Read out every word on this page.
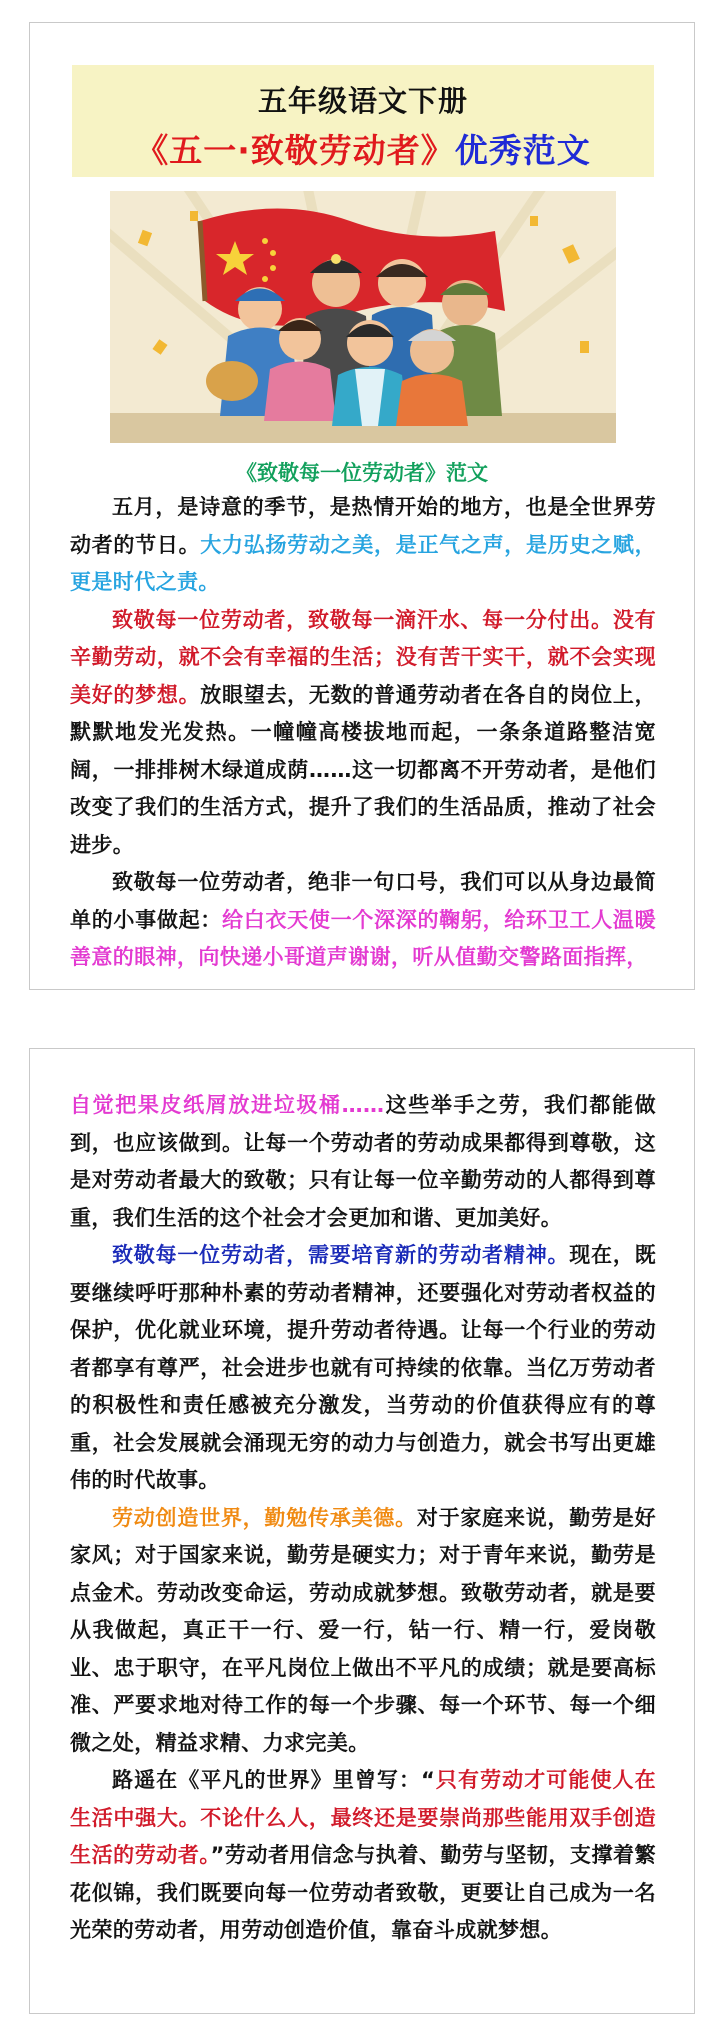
五年级语文下册
《五一·致敬劳动者》优秀范文
《致敬每一位劳动者》范文

五月，是诗意的季节，是热情开始的地方，也是全世界劳动者的节日。大力弘扬劳动之美，是正气之声，是历史之赋，更是时代之责。

致敬每一位劳动者，致敬每一滴汗水、每一分付出。没有辛勤劳动，就不会有幸福的生活；没有苦干实干，就不会实现美好的梦想。放眼望去，无数的普通劳动者在各自的岗位上，默默地发光发热。一幢幢高楼拔地而起，一条条道路整洁宽阔，一排排树木绿道成荫……这一切都离不开劳动者，是他们改变了我们的生活方式，提升了我们的生活品质，推动了社会进步。

致敬每一位劳动者，绝非一句口号，我们可以从身边最简单的小事做起：给白衣天使一个深深的鞠躬，给环卫工人温暖善意的眼神，向快递小哥道声谢谢，听从值勤交警路面指挥，

自觉把果皮纸屑放进垃圾桶……这些举手之劳，我们都能做到，也应该做到。让每一个劳动者的劳动成果都得到尊敬，这是对劳动者最大的致敬；只有让每一位辛勤劳动的人都得到尊重，我们生活的这个社会才会更加和谐、更加美好。

致敬每一位劳动者，需要培育新的劳动者精神。现在，既要继续呼吁那种朴素的劳动者精神，还要强化对劳动者权益的保护，优化就业环境，提升劳动者待遇。让每一个行业的劳动者都享有尊严，社会进步也就有可持续的依靠。当亿万劳动者的积极性和责任感被充分激发，当劳动的价值获得应有的尊重，社会发展就会涌现无穷的动力与创造力，就会书写出更雄伟的时代故事。

劳动创造世界，勤勉传承美德。对于家庭来说，勤劳是好家风；对于国家来说，勤劳是硬实力；对于青年来说，勤劳是点金术。劳动改变命运，劳动成就梦想。致敬劳动者，就是要从我做起，真正干一行、爱一行，钻一行、精一行，爱岗敬业、忠于职守，在平凡岗位上做出不平凡的成绩；就是要高标准、严要求地对待工作的每一个步骤、每一个环节、每一个细微之处，精益求精、力求完美。

路遥在《平凡的世界》里曾写：“只有劳动才可能使人在生活中强大。不论什么人，最终还是要崇尚那些能用双手创造生活的劳动者。”劳动者用信念与执着、勤劳与坚韧，支撑着繁花似锦，我们既要向每一位劳动者致敬，更要让自己成为一名光荣的劳动者，用劳动创造价值，靠奋斗成就梦想。
